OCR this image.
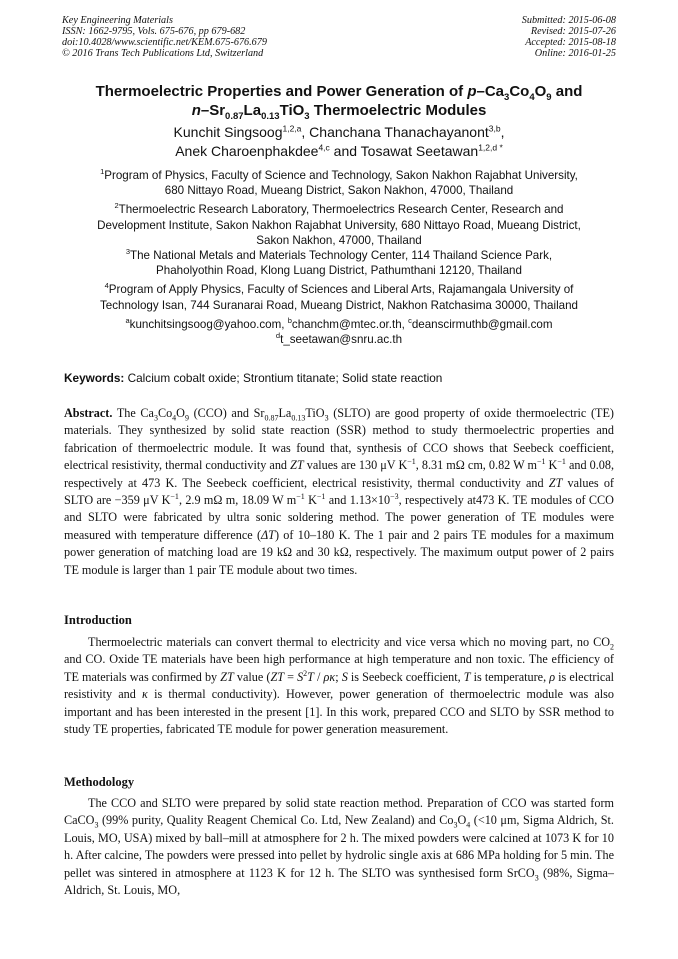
Key Engineering Materials
ISSN: 1662-9795, Vols. 675-676, pp 679-682
doi:10.4028/www.scientific.net/KEM.675-676.679
© 2016 Trans Tech Publications Ltd, Switzerland
Submitted: 2015-06-08
Revised: 2015-07-26
Accepted: 2015-08-18
Online: 2016-01-25
Thermoelectric Properties and Power Generation of $p-Ca_3Co_4O_9$ and
$n-Sr_{0.87}La_{0.13}TiO_3$ Thermoelectric Modules
Kunchit Singsoog$^{1,2,a}$, Chanchana Thanachayanont$^{3,b}$,
Anek Charoenphakdee$^{4,c}$ and Tosawat Seetawan$^{1,2,d *}$
$^1$Program of Physics, Faculty of Science and Technology, Sakon Nakhon Rajabhat University,
680 Nittayo Road, Mueang District, Sakon Nakhon, 47000, Thailand
$^2$Thermoelectric Research Laboratory, Thermoelectrics Research Center, Research and
Development Institute, Sakon Nakhon Rajabhat University, 680 Nittayo Road, Mueang District,
Sakon Nakhon, 47000, Thailand
$^3$The National Metals and Materials Technology Center, 114 Thailand Science Park,
Phaholyothin Road, Klong Luang District, Pathumthani 12120, Thailand
$^4$Program of Apply Physics, Faculty of Sciences and Liberal Arts, Rajamangala University of
Technology Isan, 744 Suranarai Road, Mueang District, Nakhon Ratchasima 30000, Thailand
$^a$kunchitsingsoog@yahoo.com, $^b$chanchm@mtec.or.th, $^c$deanscirmuthb@gmail.com
$^d$t_seetawan@snru.ac.th
Keywords: Calcium cobalt oxide; Strontium titanate; Solid state reaction
Abstract. The $Ca_3Co_4O_9$ (CCO) and $Sr_{0.87}La_{0.13}TiO_3$ (SLTO) are good property of oxide thermoelectric (TE) materials. They synthesized by solid state reaction (SSR) method to study thermoelectric properties and fabrication of thermoelectric module. It was found that, synthesis of CCO shows that Seebeck coefficient, electrical resistivity, thermal conductivity and ZT values are 130 μV $K^{-1}$, 8.31 mΩ cm, 0.82 W $m^{-1}$ $K^{-1}$ and 0.08, respectively at 473 K. The Seebeck coefficient, electrical resistivity, thermal conductivity and ZT values of SLTO are −359 μV $K^{-1}$, 2.9 mΩ m, 18.09 W $m^{-1}$ $K^{-1}$ and $1.13\times 10^{-3}$, respectively at473 K. TE modules of CCO and SLTO were fabricated by ultra sonic soldering method. The power generation of TE modules were measured with temperature difference (ΔT) of 10–180 K. The 1 pair and 2 pairs TE modules for a maximum power generation of matching load are 19 kΩ and 30 kΩ, respectively. The maximum output power of 2 pairs TE module is larger than 1 pair TE module about two times.
Introduction
Thermoelectric materials can convert thermal to electricity and vice versa which no moving part, no $CO_2$ and CO. Oxide TE materials have been high performance at high temperature and non toxic. The efficiency of TE materials was confirmed by ZT value ($ZT = S^2T / \rho\kappa$; S is Seebeck coefficient, T is temperature, ρ is electrical resistivity and κ is thermal conductivity). However, power generation of thermoelectric module was also important and has been interested in the present [1]. In this work, prepared CCO and SLTO by SSR method to study TE properties, fabricated TE module for power generation measurement.
Methodology
The CCO and SLTO were prepared by solid state reaction method. Preparation of CCO was started form CaCO$_3$ (99% purity, Quality Reagent Chemical Co. Ltd, New Zealand) and $Co_3O_4$ (<10 μm, Sigma Aldrich, St. Louis, MO, USA) mixed by ball–mill at atmosphere for 2 h. The mixed powders were calcined at 1073 K for 10 h. After calcine, The powders were pressed into pellet by hydrolic single axis at 686 MPa holding for 5 min. The pellet was sintered in atmosphere at 1123 K for 12 h. The SLTO was synthesised form SrCO$_3$ (98%, Sigma–Aldrich, St. Louis, MO,
